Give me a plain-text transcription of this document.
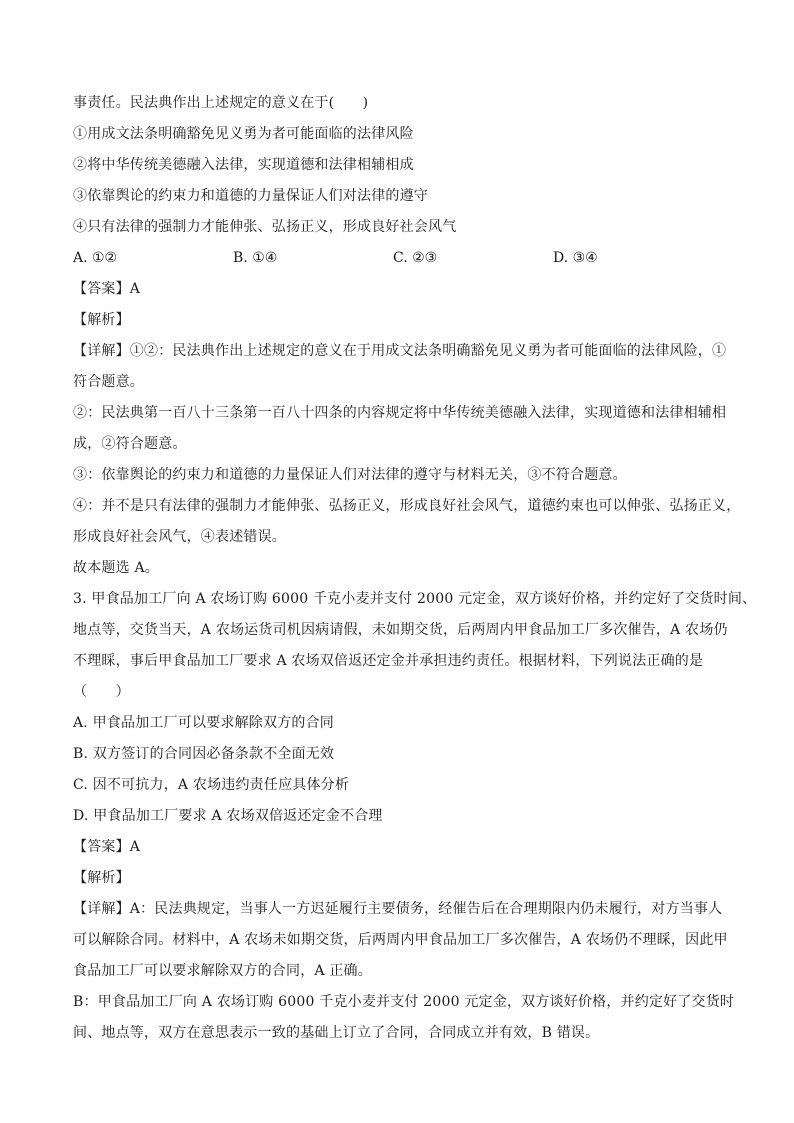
事责任。民法典作出上述规定的意义在于(　　)
①用成文法条明确豁免见义勇为者可能面临的法律风险
②将中华传统美德融入法律，实现道德和法律相辅相成
③依靠舆论的约束力和道德的力量保证人们对法律的遵守
④只有法律的强制力才能伸张、弘扬正义，形成良好社会风气
A. ①②	B. ①④	C. ②③	D. ③④
【答案】A
【解析】
【详解】①②：民法典作出上述规定的意义在于用成文法条明确豁免见义勇为者可能面临的法律风险，①
符合题意。
②：民法典第一百八十三条第一百八十四条的内容规定将中华传统美德融入法律，实现道德和法律相辅相
成，②符合题意。
③：依靠舆论的约束力和道德的力量保证人们对法律的遵守与材料无关，③不符合题意。
④：并不是只有法律的强制力才能伸张、弘扬正义，形成良好社会风气，道德约束也可以伸张、弘扬正义，
形成良好社会风气，④表述错误。
故本题选 A。
3. 甲食品加工厂向 A 农场订购 6000 千克小麦并支付 2000 元定金，双方谈好价格，并约定好了交货时间、
地点等，交货当天，A 农场运货司机因病请假，未如期交货，后两周内甲食品加工厂多次催告，A 农场仍
不理睬，事后甲食品加工厂要求 A 农场双倍返还定金并承担违约责任。根据材料，下列说法正确的是
（　　）
A. 甲食品加工厂可以要求解除双方的合同
B. 双方签订的合同因必备条款不全面无效
C. 因不可抗力，A 农场违约责任应具体分析
D. 甲食品加工厂要求 A 农场双倍返还定金不合理
【答案】A
【解析】
【详解】A：民法典规定，当事人一方迟延履行主要债务，经催告后在合理期限内仍未履行，对方当事人
可以解除合同。材料中，A 农场未如期交货，后两周内甲食品加工厂多次催告，A 农场仍不理睬，因此甲
食品加工厂可以要求解除双方的合同，A 正确。
B：甲食品加工厂向 A 农场订购 6000 千克小麦并支付 2000 元定金，双方谈好价格，并约定好了交货时
间、地点等，双方在意思表示一致的基础上订立了合同，合同成立并有效，B 错误。
